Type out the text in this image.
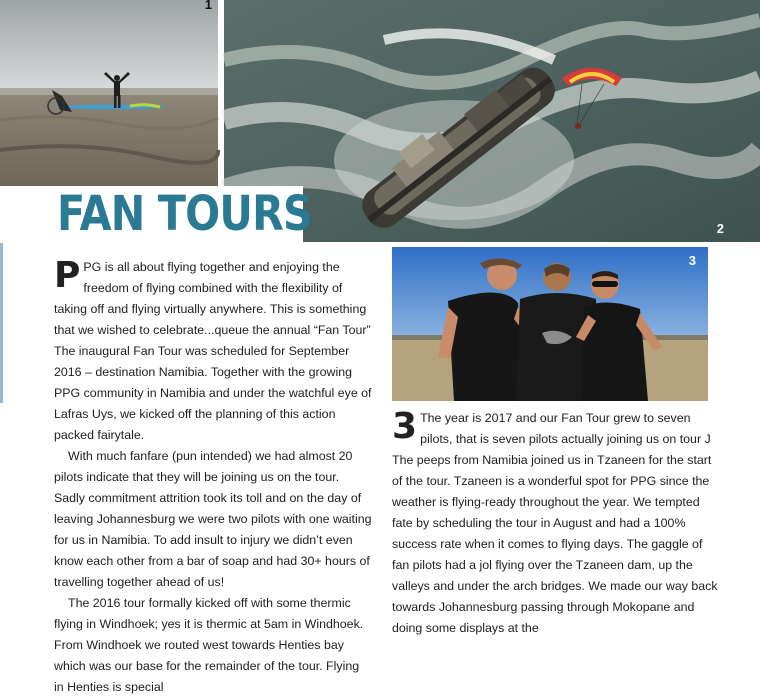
1
2
FAN TOURS
3

PPG is all about flying together and enjoying the freedom of flying combined with the flexibility of taking off and flying virtually anywhere. This is something that we wished to celebrate...queue the annual “Fan Tour” The inaugural Fan Tour was scheduled for September 2016 – destination Namibia. Together with the growing PPG community in Namibia and under the watchful eye of Lafras Uys, we kicked off the planning of this action packed fairytale.

With much fanfare (pun intended) we had almost 20 pilots indicate that they will be joining us on the tour. Sadly commitment attrition took its toll and on the day of leaving Johannesburg we were two pilots with one waiting for us in Namibia. To add insult to injury we didn’t even know each other from a bar of soap and had 30+ hours of travelling together ahead of us!

The 2016 tour formally kicked off with some thermic flying in Windhoek; yes it is thermic at 5am in Windhoek. From Windhoek we routed west towards Henties bay which was our base for the remainder of the tour. Flying in Henties is special

3 The year is 2017 and our Fan Tour grew to seven pilots, that is seven pilots actually joining us on tour J The peeps from Namibia joined us in Tzaneen for the start of the tour. Tzaneen is a wonderful spot for PPG since the weather is flying-ready throughout the year. We tempted fate by scheduling the tour in August and had a 100% success rate when it comes to flying days. The gaggle of fan pilots had a jol flying over the Tzaneen dam, up the valleys and under the arch bridges. We made our way back towards Johannesburg passing through Mokopane and doing some displays at the
